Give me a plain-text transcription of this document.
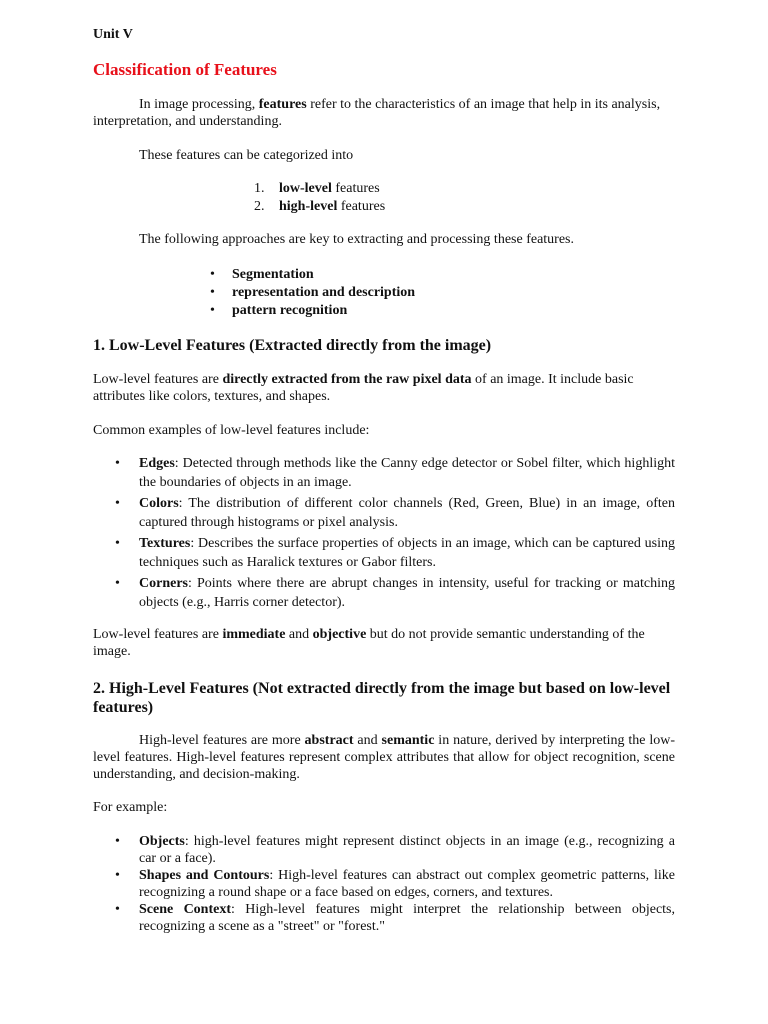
Unit V
Classification of Features

In image processing, features refer to the characteristics of an image that help in its analysis, interpretation, and understanding.

These features can be categorized into

1.	low-level features
2.	high-level features

The following approaches are key to extracting and processing these features.

•	Segmentation
•	representation and description
•	pattern recognition
1. Low-Level Features (Extracted directly from the image)

Low-level features are directly extracted from the raw pixel data of an image. It include basic attributes like colors, textures, and shapes.

Common examples of low-level features include:

•	Edges: Detected through methods like the Canny edge detector or Sobel filter, which highlight the boundaries of objects in an image.
•	Colors: The distribution of different color channels (Red, Green, Blue) in an image, often captured through histograms or pixel analysis.
•	Textures: Describes the surface properties of objects in an image, which can be captured using techniques such as Haralick textures or Gabor filters.
•	Corners: Points where there are abrupt changes in intensity, useful for tracking or matching objects (e.g., Harris corner detector).

Low-level features are immediate and objective but do not provide semantic understanding of the image.

2. High-Level Features (Not extracted directly from the image but based on low-level features)

High-level features are more abstract and semantic in nature, derived by interpreting the low-level features. High-level features represent complex attributes that allow for object recognition, scene understanding, and decision-making.

For example:

•	Objects: high-level features might represent distinct objects in an image (e.g., recognizing a car or a face).
•	Shapes and Contours: High-level features can abstract out complex geometric patterns, like recognizing a round shape or a face based on edges, corners, and textures.
•	Scene Context: High-level features might interpret the relationship between objects, recognizing a scene as a "street" or "forest."
